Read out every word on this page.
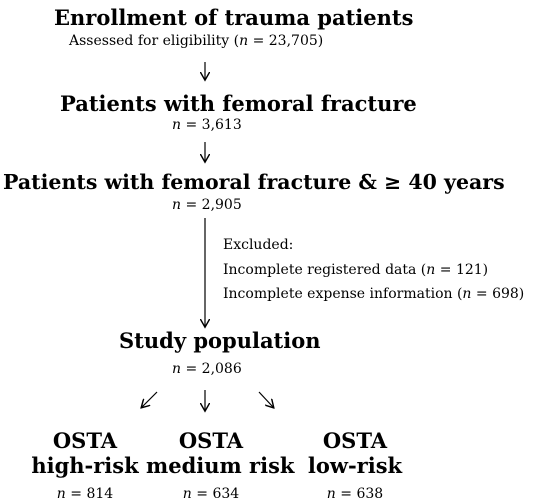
Enrollment of trauma patients
Assessed for eligibility (n = 23,705)
Patients with femoral fracture
n = 3,613
Patients with femoral fracture & ≥ 40 years
n = 2,905
Excluded:
Incomplete registered data (n = 121)
Incomplete expense information (n = 698)
Study population
n = 2,086
OSTA
high-risk
n = 814
OSTA
medium risk
n = 634
OSTA
low-risk
n = 638
